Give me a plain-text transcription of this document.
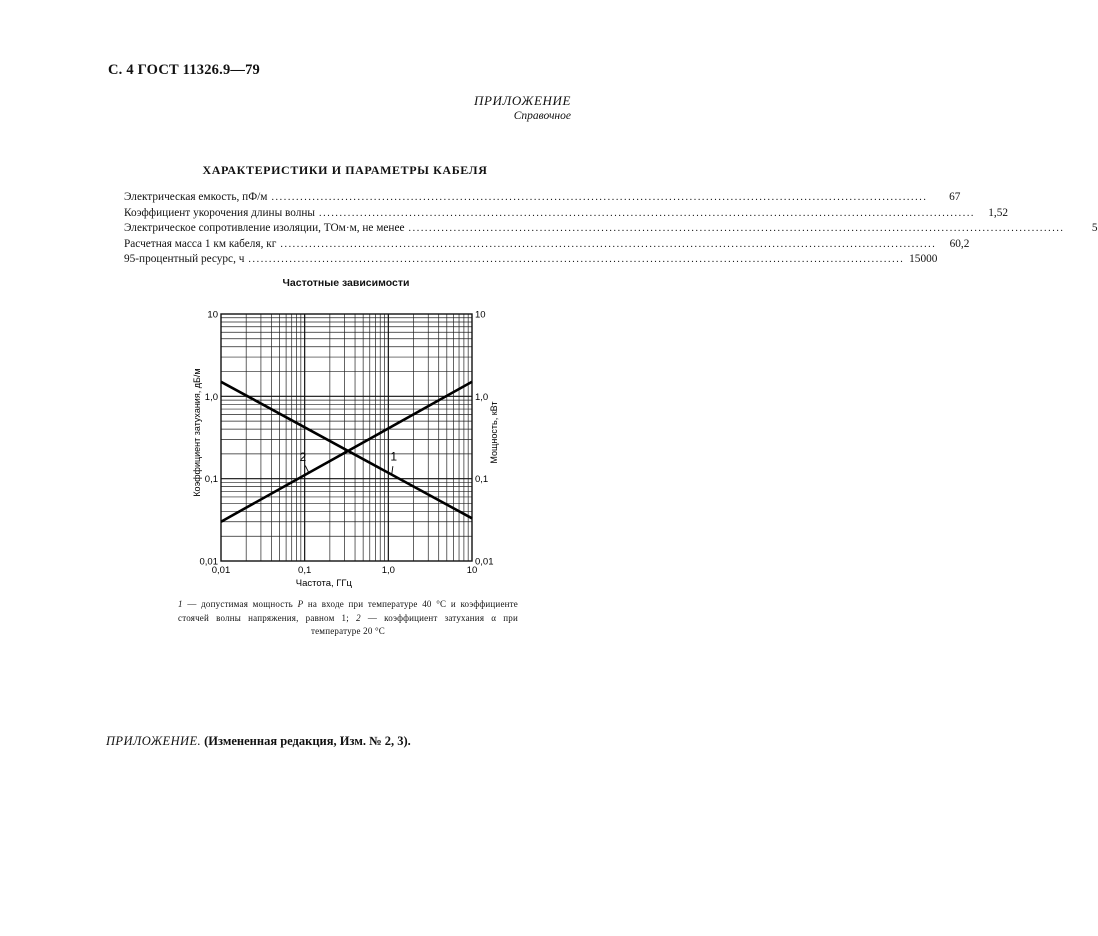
С. 4 ГОСТ 11326.9—79
ПРИЛОЖЕНИЕ
Справочное
ХАРАКТЕРИСТИКИ И ПАРАМЕТРЫ КАБЕЛЯ
Электрическая емкость, пФ/м ................................................................................................................................................................	67
Коэффициент укорочения длины волны ................................................................................................................................................................	1,52
Электрическое сопротивление изоляции, ТОм·м, не менее ................................................................................................................................................................	5
Расчетная масса 1 км кабеля, кг ................................................................................................................................................................	60,2
95-процентный ресурс, ч ................................................................................................................................................................ 15000
Частотные зависимости
1
2
0,01	0,1	1,0	10
0,01
0,1
1,0
10
0,01
0,1
1,0
10
Частота, ГГц
Коэффициент затухания, дБ/м	Мощность, кВт
1 — допустимая мощность P на входе при температуре 40 °С и коэффициенте стоячей волны напряжения, равном 1; 2 — коэффициент затухания α при температуре 20 °С
ПРИЛОЖЕНИЕ. (Измененная редакция, Изм. № 2, 3).
